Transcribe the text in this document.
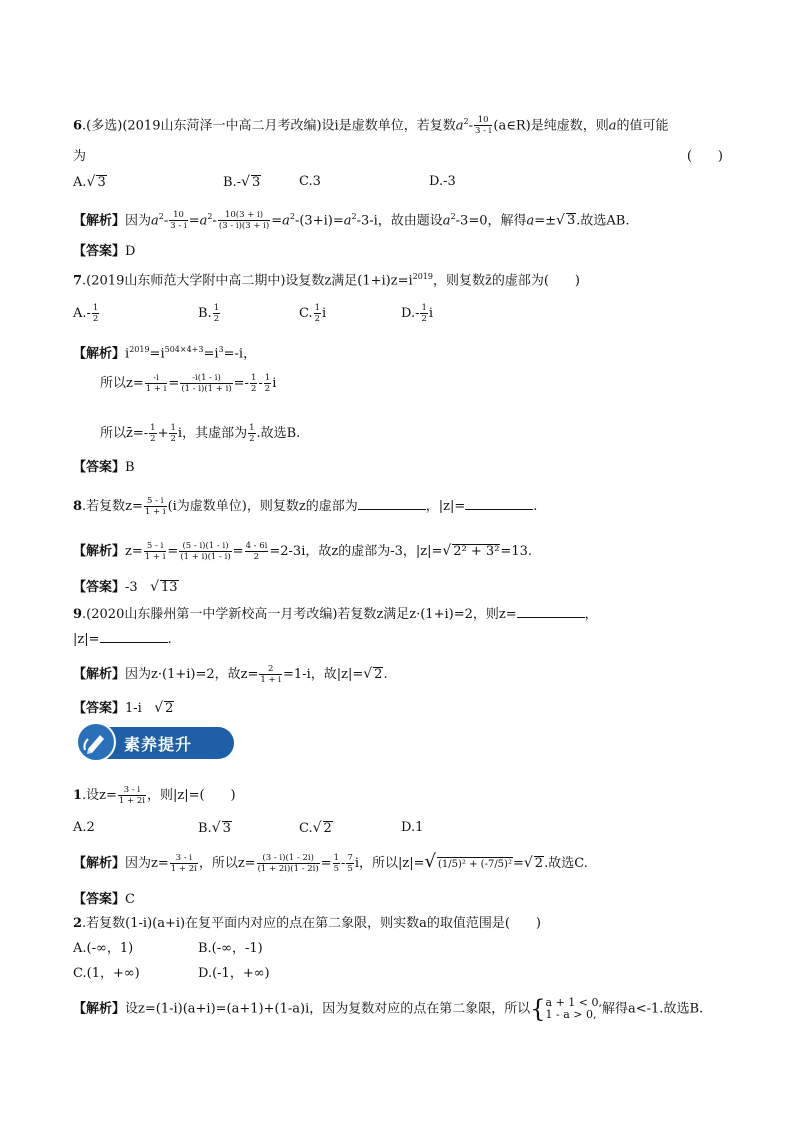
6.(多选)(2019山东菏泽一中高二月考改编)设i是虚数单位，若复数$a^2- \frac{10}{3 - i}$ (a∈R)是纯虚数，则a的值可能
为	(　　)
A.√ 3	B.-√ 3	C.3	D.-3
【解析】因为$a^2- \frac{10}{3 - i} =a^2- \frac{10(3 + i)}{(3 - i)(3 + i)} =a^2-(3+i)=a^2-3-i$，故由题设$a^2-3=0$，解得a=±√ 3.故选AB.
【答案】D
7.(2019山东师范大学附中高二期中)设复数z满足$(1+i)z=i^{2019}$，则复数z̄的虚部为(　　)
$A.- \frac{1}{2}$	B. $\frac{1}{2}$	C. $\frac{1}{2}$ i	$D.- \frac{1}{2}$ i
【解析】$i^{2019}=i^{504\times 4+3}=i^3=-i$，
所以$z= \frac{-i}{1 + i} = \frac{-i(1 - i)}{(1 - i)(1 + i)} =- \frac{1}{2} - \frac{1}{2}$ i
所以z̄=- $\frac{1}{2} + \frac{1}{2}$ i，其虚部为 $\frac{1}{2}$ .故选B.
【答案】B
8.若复数$z= \frac{5 - i}{1 + i} (i$为虚数单位)，则复数z的虚部为	，|z|=	.
【解析】$z= \frac{5 - i}{1 + i} = \frac{(5 - i)(1 - i)}{(1 + i)(1 - i)} = \frac{4 - 6i}{2} =2-3i$，故z的虚部为-3，|z|=√ 2² + 3²=13.
【答案】-3 √ 13
9.(2020山东滕州第一中学新校高一月考改编)若复数z满足z·(1+i)=2，则z=	，
|z|=	.
【解析】因为z·(1+i)=2，故$z= \frac{2}{1 + i} =1-i$，故|z|=√ 2.
【答案】1-i √ 2
素养提升
1.设$z= \frac{3 - i}{1 + 2i}$ ，则|z|=(　　)
A.2	B.√ 3	C.√ 2	D.1
【解析】因为$z= \frac{3 - i}{1 + 2i}$ ，所以$z= \frac{(3 - i)(1 - 2i)}{(1 + 2i)(1 - 2i)} = \frac{1}{5} - \frac{7}{5}$ i，所以|z|=√ (1/5)² + (-7/5)²=√ 2.故选C.
【答案】C
2.若复数(1-i)(a+i)在复平面内对应的点在第二象限，则实数a的取值范围是(　　)
A.(-∞，1)	B.(-∞，-1)
C.(1，+∞)	D.(-1，+∞)
【解析】设z=(1-i)(a+i)=(a+1)+(1-a)i，因为复数对应的点在第二象限，所以{ a + 1 < 0,
1 - a > 0, 解得a<-1.故选B.
